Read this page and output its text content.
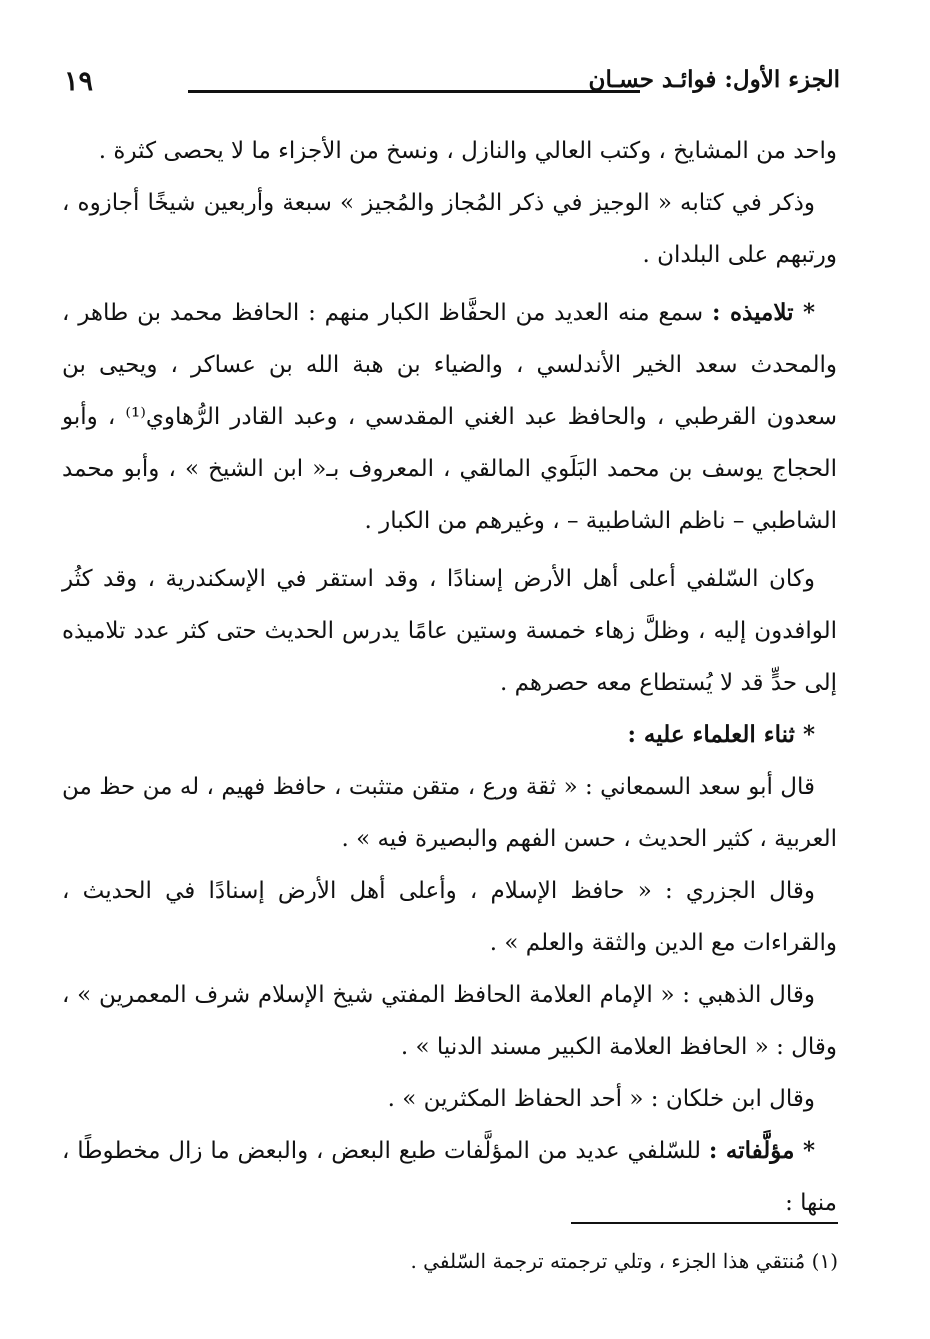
١٩	الجزء الأول: فوائـد حسـان

واحد من المشايخ ، وكتب العالي والنازل ، ونسخ من الأجزاء ما لا يحصى كثرة .

وذكر في كتابه « الوجيز في ذكر المُجاز والمُجيز » سبعة وأربعين شيخًا أجازوه ، ورتبهم على البلدان .

* تلاميذه : سمع منه العديد من الحفَّاظ الكبار منهم : الحافظ محمد بن طاهر ، والمحدث سعد الخير الأندلسي ، والضياء بن هبة الله بن عساكر ، ويحيى بن سعدون القرطبي ، والحافظ عبد الغني المقدسي ، وعبد القادر الرُّهاوي⁽¹⁾ ، وأبو الحجاج يوسف بن محمد البَلَوي المالقي ، المعروف بـ« ابن الشيخ » ، وأبو محمد الشاطبي – ناظم الشاطبية – ، وغيرهم من الكبار .

وكان السّلفي أعلى أهل الأرض إسنادًا ، وقد استقر في الإسكندرية ، وقد كثُر الوافدون إليه ، وظلَّ زهاء خمسة وستين عامًا يدرس الحديث حتى كثر عدد تلاميذه إلى حدٍّ قد لا يُستطاع معه حصرهم .

* ثناء العلماء عليه :

قال أبو سعد السمعاني : « ثقة ورع ، متقن متثبت ، حافظ فهيم ، له من حظ من العربية ، كثير الحديث ، حسن الفهم والبصيرة فيه » .

وقال الجزري : « حافظ الإسلام ، وأعلى أهل الأرض إسنادًا في الحديث ، والقراءات مع الدين والثقة والعلم » .

وقال الذهبي : « الإمام العلامة الحافظ المفتي شيخ الإسلام شرف المعمرين » ، وقال : « الحافظ العلامة الكبير مسند الدنيا » .

وقال ابن خلكان : « أحد الحفاظ المكثرين » .

* مؤلَّفاته : للسّلفي عديد من المؤلَّفات طبع البعض ، والبعض ما زال مخطوطًا ، منها :

(١) مُنتقي هذا الجزء ، وتلي ترجمته ترجمة السّلفي .
